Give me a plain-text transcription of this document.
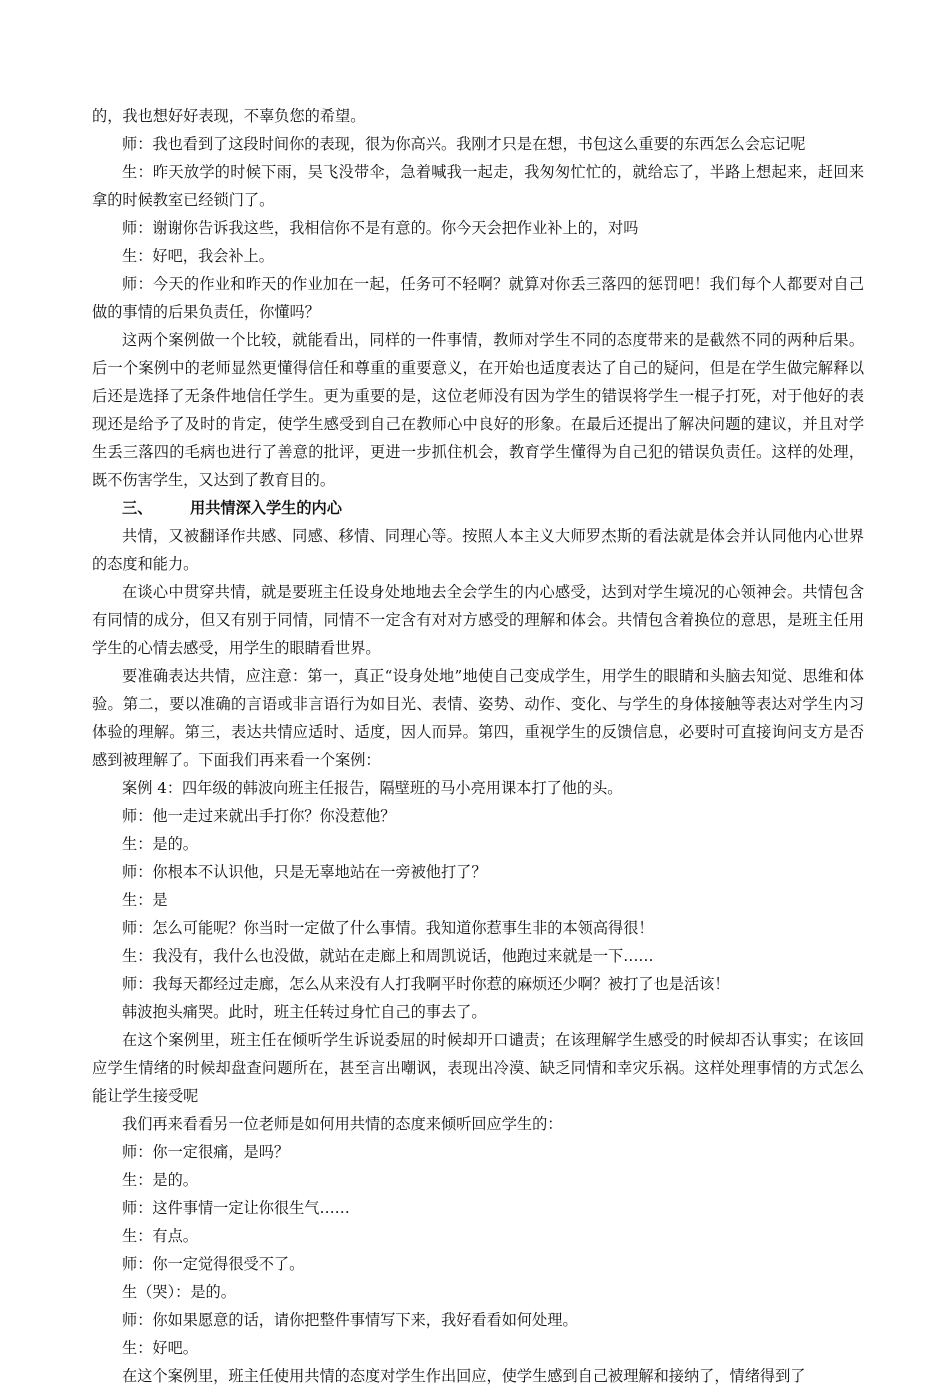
的，我也想好好表现，不辜负您的希望。

师：我也看到了这段时间你的表现，很为你高兴。我刚才只是在想，书包这么重要的东西怎么会忘记呢

生：昨天放学的时候下雨，吴飞没带伞，急着喊我一起走，我匆匆忙忙的，就给忘了，半路上想起来，赶回来拿的时候教室已经锁门了。

师：谢谢你告诉我这些，我相信你不是有意的。你今天会把作业补上的，对吗

生：好吧，我会补上。

师：今天的作业和昨天的作业加在一起，任务可不轻啊？就算对你丢三落四的惩罚吧！我们每个人都要对自己做的事情的后果负责任，你懂吗？

这两个案例做一个比较，就能看出，同样的一件事情，教师对学生不同的态度带来的是截然不同的两种后果。后一个案例中的老师显然更懂得信任和尊重的重要意义，在开始也适度表达了自己的疑问，但是在学生做完解释以后还是选择了无条件地信任学生。更为重要的是，这位老师没有因为学生的错误将学生一棍子打死，对于他好的表现还是给予了及时的肯定，使学生感受到自己在教师心中良好的形象。在最后还提出了解决问题的建议，并且对学生丢三落四的毛病也进行了善意的批评，更进一步抓住机会，教育学生懂得为自己犯的错误负责任。这样的处理，既不伤害学生，又达到了教育目的。

三、 用共情深入学生的内心

共情，又被翻译作共感、同感、移情、同理心等。按照人本主义大师罗杰斯的看法就是体会并认同他内心世界的态度和能力。

在谈心中贯穿共情，就是要班主任设身处地地去全会学生的内心感受，达到对学生境况的心领神会。共情包含有同情的成分，但又有别于同情，同情不一定含有对对方感受的理解和体会。共情包含着换位的意思，是班主任用学生的心情去感受，用学生的眼睛看世界。

要准确表达共情，应注意：第一，真正“设身处地”地使自己变成学生，用学生的眼睛和头脑去知觉、思维和体验。第二，要以准确的言语或非言语行为如目光、表情、姿势、动作、变化、与学生的身体接触等表达对学生内习体验的理解。第三，表达共情应适时、适度，因人而异。第四，重视学生的反馈信息，必要时可直接询问支方是否感到被理解了。下面我们再来看一个案例：

案例 4：四年级的韩波向班主任报告，隔壁班的马小亮用课本打了他的头。

师：他一走过来就出手打你？你没惹他？

生：是的。

师：你根本不认识他，只是无辜地站在一旁被他打了？

生：是

师：怎么可能呢？你当时一定做了什么事情。我知道你惹事生非的本领高得很！

生：我没有，我什么也没做，就站在走廊上和周凯说话，他跑过来就是一下……

师：我每天都经过走廊，怎么从来没有人打我啊平时你惹的麻烦还少啊？被打了也是活该！

韩波抱头痛哭。此时，班主任转过身忙自己的事去了。

在这个案例里，班主任在倾听学生诉说委屈的时候却开口谴责；在该理解学生感受的时候却否认事实；在该回应学生情绪的时候却盘查问题所在，甚至言出嘲讽，表现出冷漠、缺乏同情和幸灾乐祸。这样处理事情的方式怎么能让学生接受呢

我们再来看看另一位老师是如何用共情的态度来倾听回应学生的：

师：你一定很痛，是吗？

生：是的。

师：这件事情一定让你很生气……

生：有点。

师：你一定觉得很受不了。

生（哭）：是的。

师：你如果愿意的话，请你把整件事情写下来，我好看看如何处理。

生：好吧。

在这个案例里，班主任使用共情的态度对学生作出回应，使学生感到自己被理解和接纳了，情绪得到了
